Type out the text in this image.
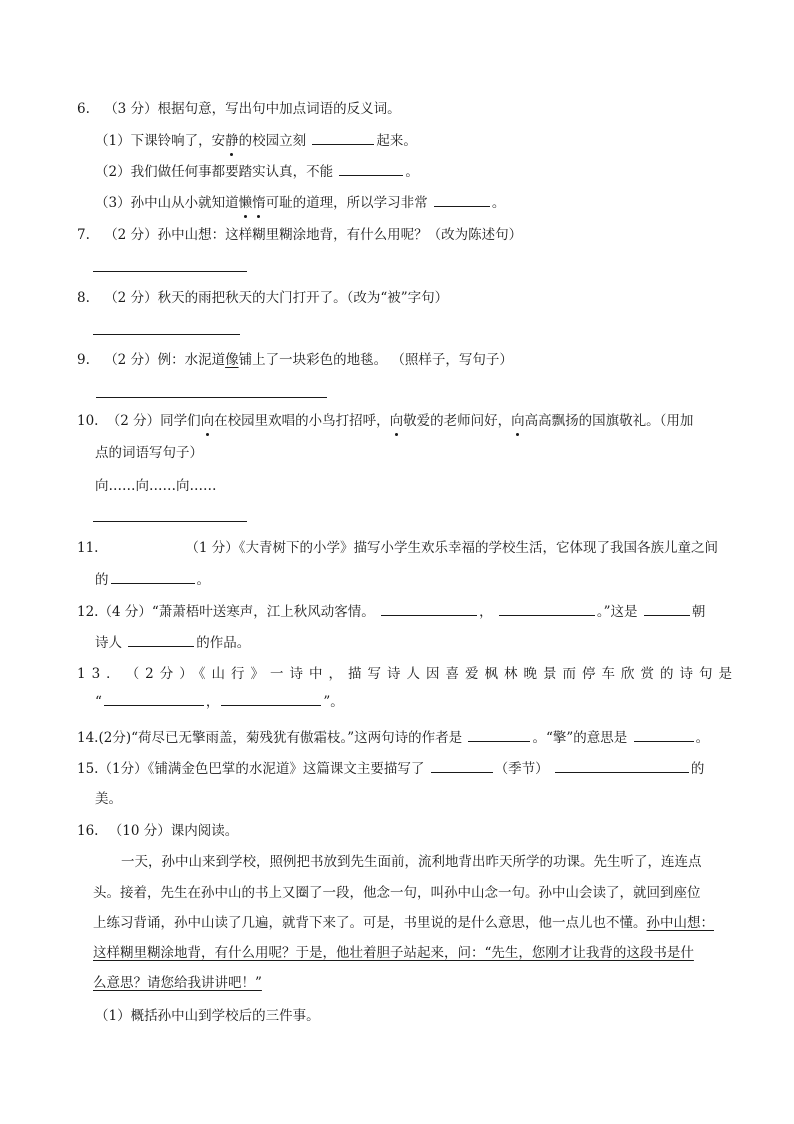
6. （3 分）根据句意，写出句中加点词语的反义词。
（1）下课铃响了，安静的校园立刻	起来。
（2）我们做任何事都要踏实认真，不能	。
（3）孙中山从小就知道懒惰可耻的道理，所以学习非常	。
7. （2 分）孙中山想：这样糊里糊涂地背，有什么用呢？（改为陈述句）
8. （2 分）秋天的雨把秋天的大门打开了。（改为“被”字句）
9. （2 分）例：水泥道像铺上了一块彩色的地毯。 （照样子，写句子）
10. （2 分）同学们向在校园里欢唱的小鸟打招呼，向敬爱的老师问好，向高高飘扬的国旗敬礼。（用加
点的词语写句子）
向……向……向……
11.	（1 分）《大青树下的小学》描写小学生欢乐幸福的学校生活，它体现了我国各族儿童之间
的	。
12.（4 分）“萧萧梧叶送寒声，江上秋风动客情。	，	。”这是	朝
诗人	的作品。
13． （2分）《山行》一诗中，描写诗人因喜爱枫林晚景而停车欣赏的诗句是
“	，	”。
14.(2分)“荷尽已无擎雨盖，菊残犹有傲霜枝。”这两句诗的作者是	。“擎”的意思是	。
15.（1分）《铺满金色巴掌的水泥道》这篇课文主要描写了	（季节）	的
美。
16. （10 分）课内阅读。
一天，孙中山来到学校，照例把书放到先生面前，流利地背出昨天所学的功课。先生听了，连连点
头。接着，先生在孙中山的书上又圈了一段，他念一句，叫孙中山念一句。孙中山会读了，就回到座位
上练习背诵，孙中山读了几遍，就背下来了。可是，书里说的是什么意思，他一点儿也不懂。孙中山想：
这样糊里糊涂地背，有什么用呢？于是，他壮着胆子站起来，问：“先生，您刚才让我背的这段书是什
么意思？请您给我讲讲吧！”
（1）概括孙中山到学校后的三件事。
